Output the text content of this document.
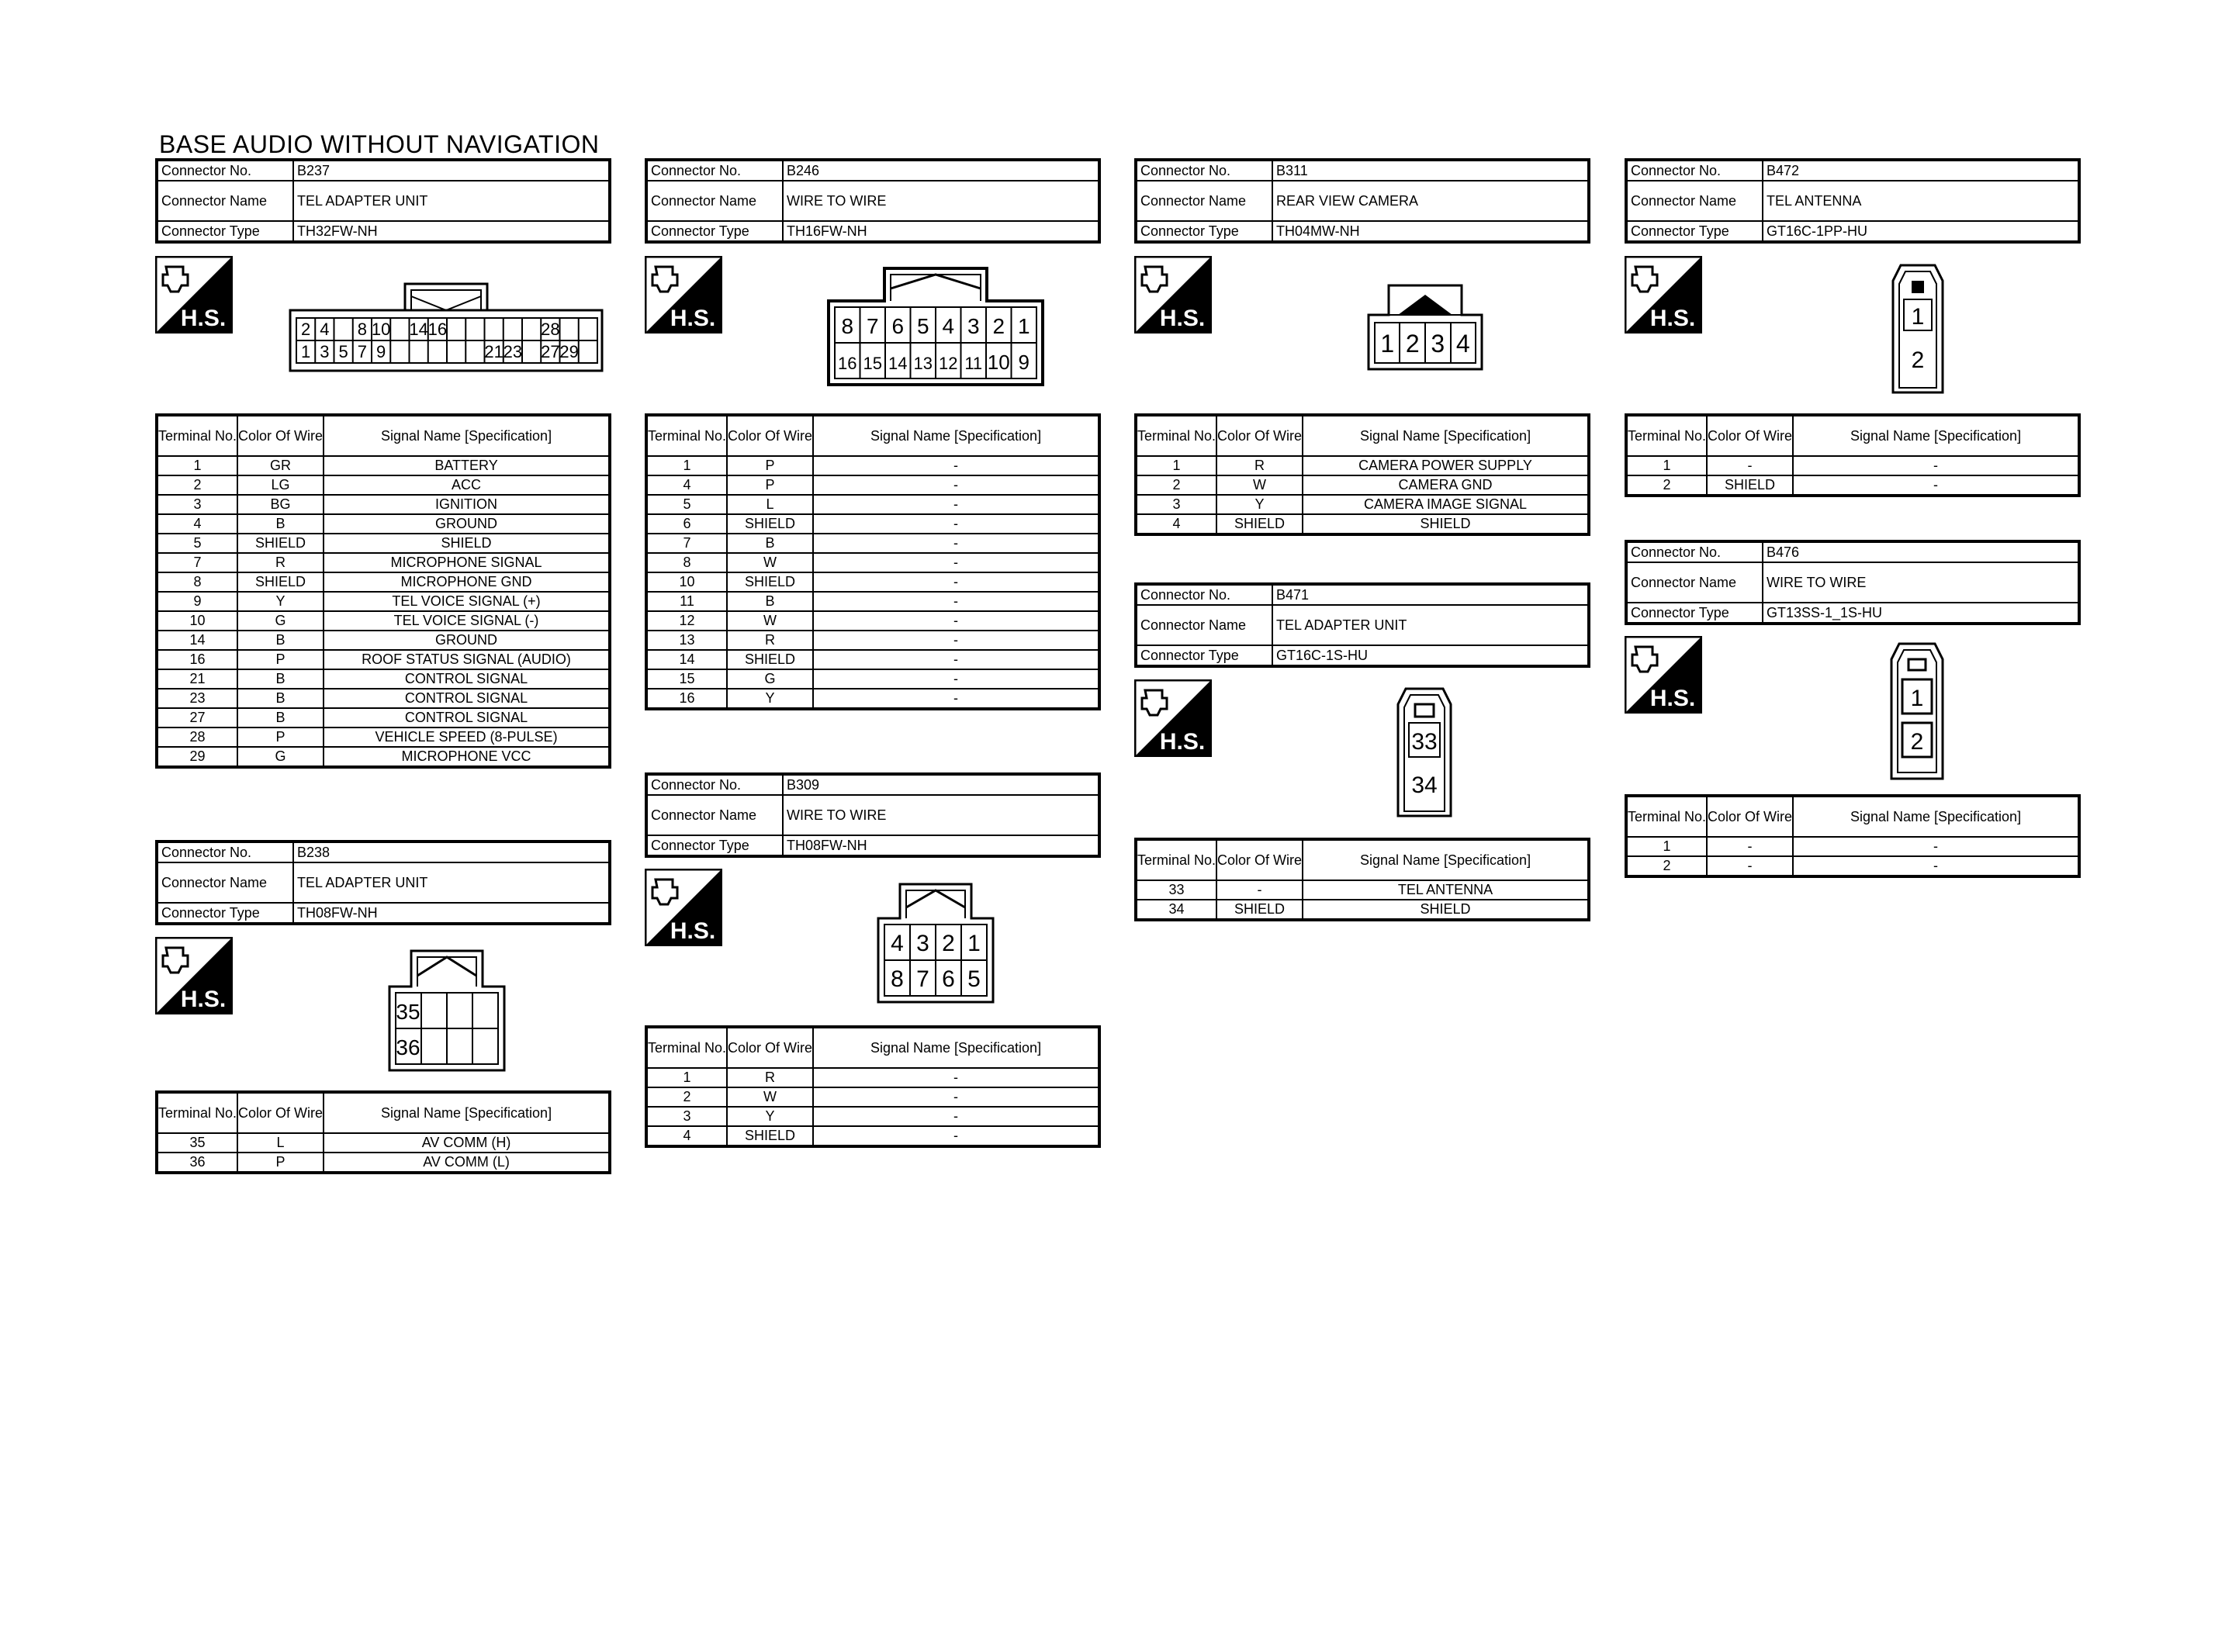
BASE AUDIO WITHOUT NAVIGATION
Connector No.	B237
Connector Name	TEL ADAPTER UNIT
Connector Type	TH32FW-NH
H.S.	2 4 8 10 14 16	28
1 3 5 7 9	21 23 27 29
Terminal No.	Color Of Wire	Signal Name [Specification]
1	GR	BATTERY
2	LG	ACC
3	BG	IGNITION
4	B	GROUND
5	SHIELD	SHIELD
7	R	MICROPHONE SIGNAL
8	SHIELD	MICROPHONE GND
9	Y	TEL VOICE SIGNAL (+)
10	G	TEL VOICE SIGNAL (-)
14	B	GROUND
16	P	ROOF STATUS SIGNAL (AUDIO)
21	B	CONTROL SIGNAL
23	B	CONTROL SIGNAL
27	B	CONTROL SIGNAL
28	P	VEHICLE SPEED (8-PULSE)
29	G	MICROPHONE VCC
Connector No.	B238
Connector Name	TEL ADAPTER UNIT
Connector Type	TH08FW-NH
H.S.	35
36
Terminal No.	Color Of Wire	Signal Name [Specification]
35	L	AV COMM (H)
36	P	AV COMM (L)
Connector No.	B246
Connector Name	WIRE TO WIRE
Connector Type	TH16FW-NH
H.S.	8 7 6 5 4 3 2 1
16 15 14 13 12 11 10 9
Terminal No.	Color Of Wire	Signal Name [Specification]
1	P	-
4	P	-
5	L	-
6	SHIELD	-
7	B	-
8	W	-
10	SHIELD	-
11	B	-
12	W	-
13	R	-
14	SHIELD	-
15	G	-
16	Y	-
Connector No.	B309
Connector Name	WIRE TO WIRE
Connector Type	TH08FW-NH
H.S.	4 3 2 1
8 7 6 5
Terminal No.	Color Of Wire	Signal Name [Specification]
1	R	-
2	W	-
3	Y	-
4	SHIELD	-
Connector No.	B311
Connector Name	REAR VIEW CAMERA
Connector Type	TH04MW-NH
H.S.
1 2 3 4
Terminal No.	Color Of Wire	Signal Name [Specification]
1	R	CAMERA POWER SUPPLY
2	W	CAMERA GND
3	Y	CAMERA IMAGE SIGNAL
4	SHIELD	SHIELD
Connector No.	B471
Connector Name	TEL ADAPTER UNIT
Connector Type	GT16C-1S-HU
H.S.	33
34
Terminal No.	Color Of Wire	Signal Name [Specification]
33	-	TEL ANTENNA
34	SHIELD	SHIELD
Connector No.	B472
Connector Name	TEL ANTENNA
Connector Type	GT16C-1PP-HU
H.S.	1
2
Terminal No.	Color Of Wire	Signal Name [Specification]
1	-	-
2	SHIELD	-
Connector No.	B476
Connector Name	WIRE TO WIRE
Connector Type	GT13SS-1_1S-HU
H.S.	1
2
Terminal No.	Color Of Wire	Signal Name [Specification]
1	-	-
2	-	-
